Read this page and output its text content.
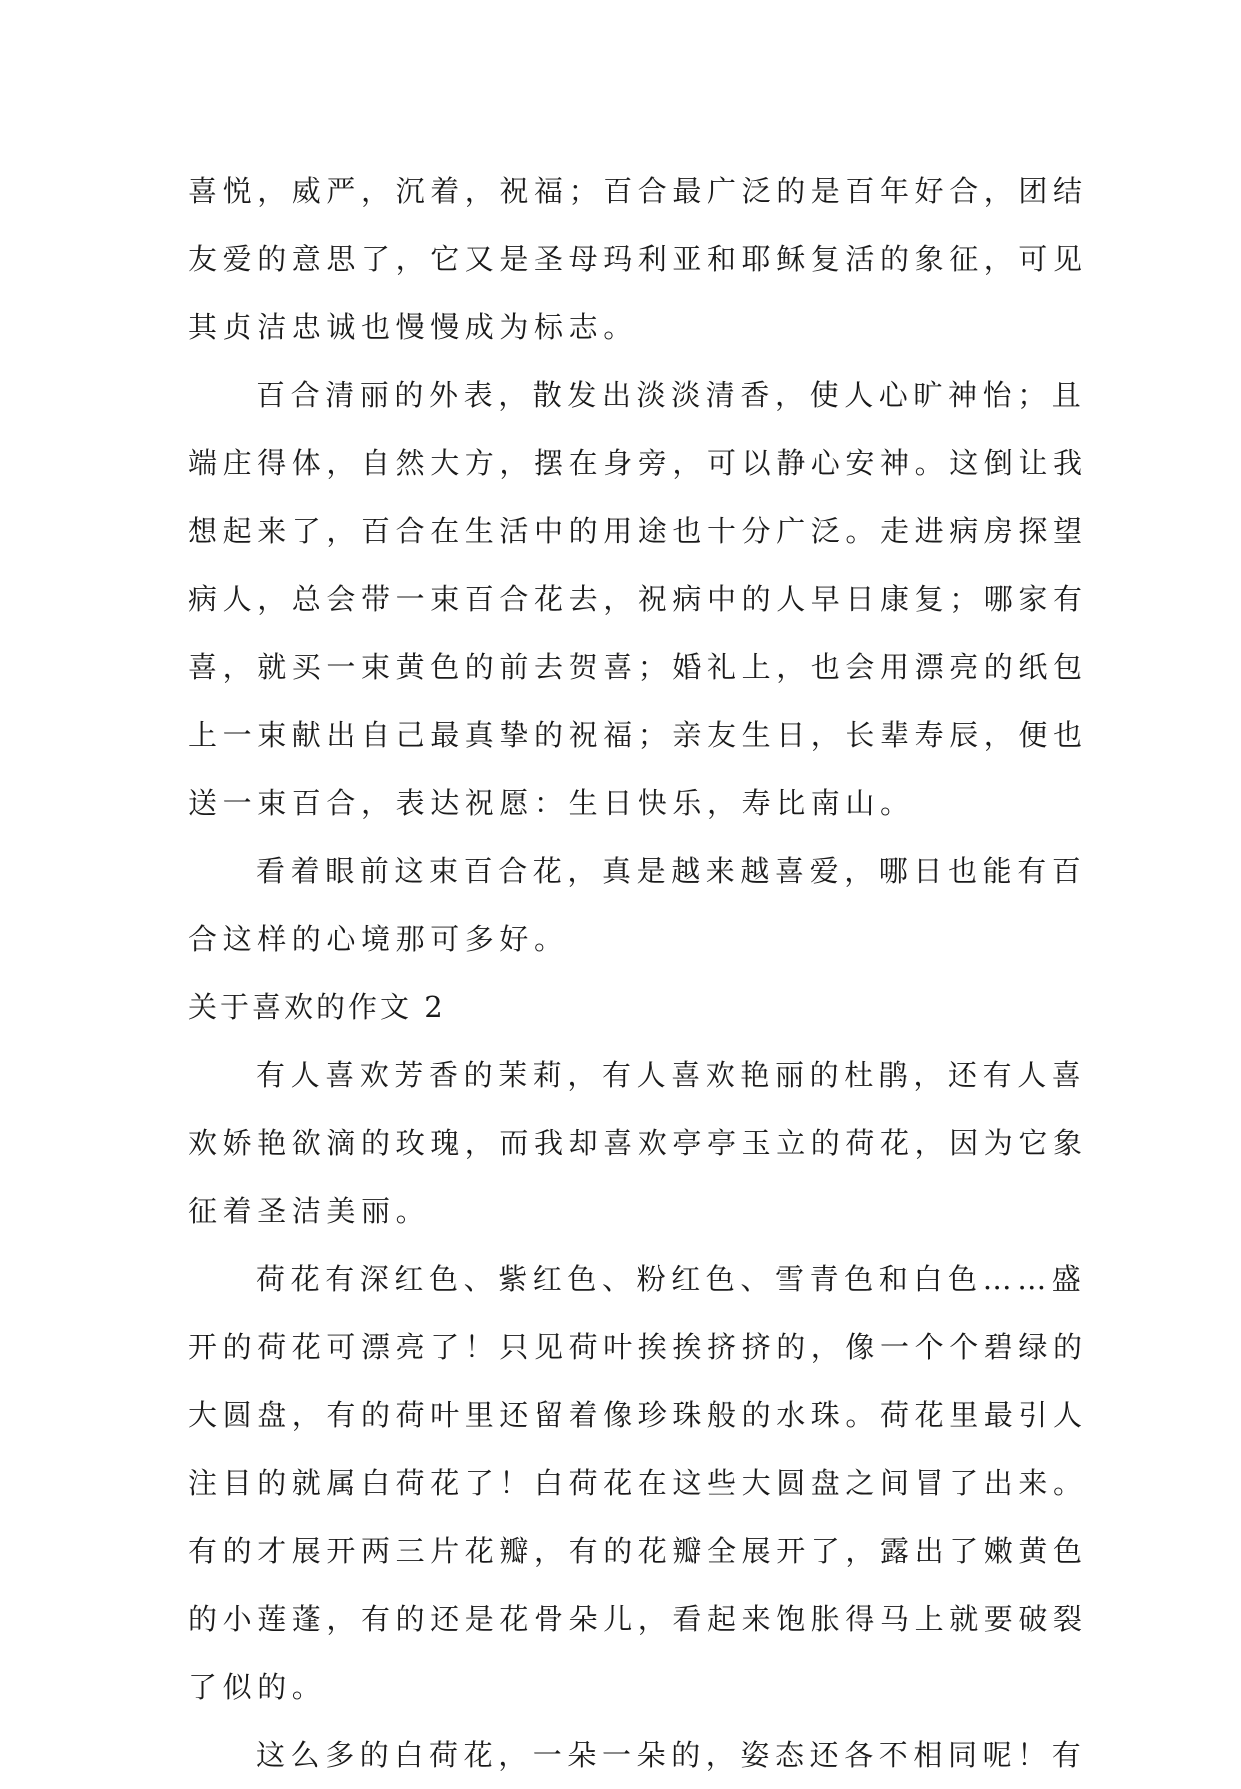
喜悦，威严，沉着，祝福；百合最广泛的是百年好合，团结
友爱的意思了，它又是圣母玛利亚和耶稣复活的象征，可见
其贞洁忠诚也慢慢成为标志。
百合清丽的外表，散发出淡淡清香，使人心旷神怡；且
端庄得体，自然大方，摆在身旁，可以静心安神。这倒让我
想起来了，百合在生活中的用途也十分广泛。走进病房探望
病人，总会带一束百合花去，祝病中的人早日康复；哪家有
喜，就买一束黄色的前去贺喜；婚礼上，也会用漂亮的纸包
上一束献出自己最真挚的祝福；亲友生日，长辈寿辰，便也
送一束百合，表达祝愿：生日快乐，寿比南山。
看着眼前这束百合花，真是越来越喜爱，哪日也能有百
合这样的心境那可多好。
关于喜欢的作文 2
有人喜欢芳香的茉莉，有人喜欢艳丽的杜鹃，还有人喜
欢娇艳欲滴的玫瑰，而我却喜欢亭亭玉立的荷花，因为它象
征着圣洁美丽。
荷花有深红色、紫红色、粉红色、雪青色和白色……盛
开的荷花可漂亮了！只见荷叶挨挨挤挤的，像一个个碧绿的
大圆盘，有的荷叶里还留着像珍珠般的水珠。荷花里最引人
注目的就属白荷花了！白荷花在这些大圆盘之间冒了出来。
有的才展开两三片花瓣，有的花瓣全展开了，露出了嫩黄色
的小莲蓬，有的还是花骨朵儿，看起来饱胀得马上就要破裂
了似的。
这么多的白荷花，一朵一朵的，姿态还各不相同呢！有
